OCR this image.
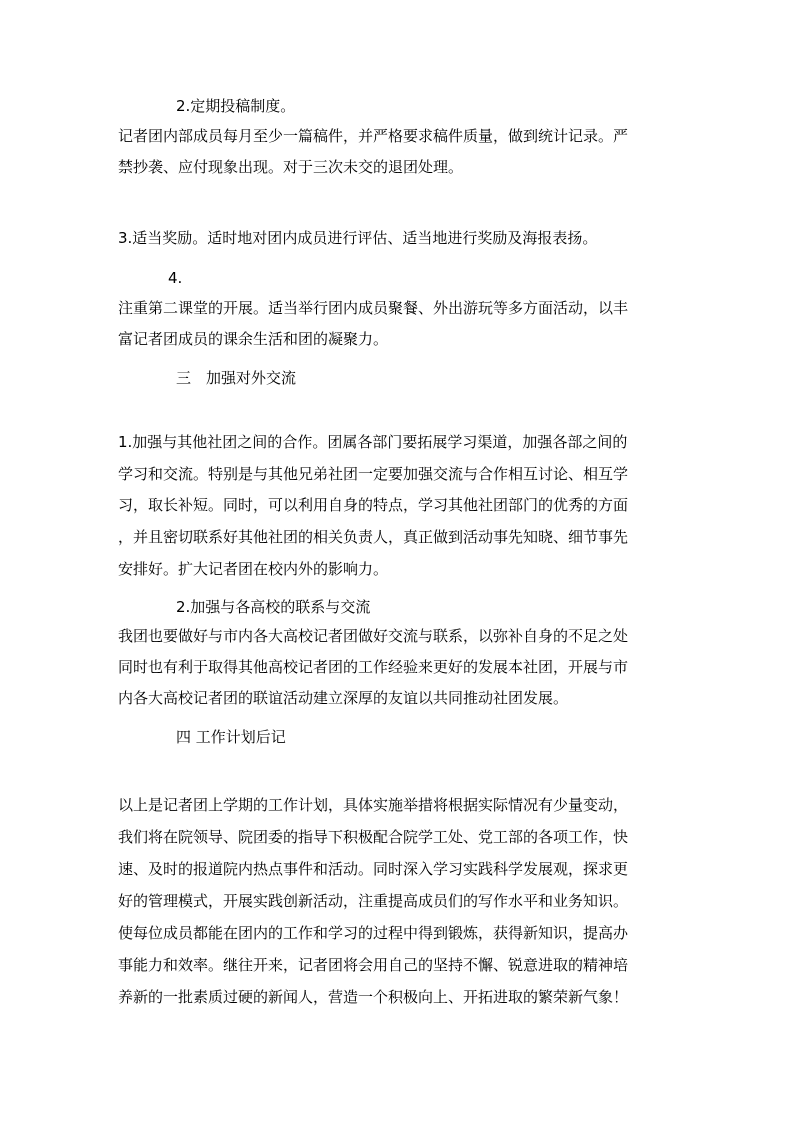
2.定期投稿制度。

记者团内部成员每月至少一篇稿件，并严格要求稿件质量，做到统计记录。严

禁抄袭、应付现象出现。对于三次未交的退团处理。

3.适当奖励。适时地对团内成员进行评估、适当地进行奖励及海报表扬。

4.

注重第二课堂的开展。适当举行团内成员聚餐、外出游玩等多方面活动，以丰

富记者团成员的课余生活和团的凝聚力。

三　加强对外交流

1.加强与其他社团之间的合作。团属各部门要拓展学习渠道，加强各部之间的

学习和交流。特别是与其他兄弟社团一定要加强交流与合作相互讨论、相互学

习，取长补短。同时，可以利用自身的特点，学习其他社团部门的优秀的方面

，并且密切联系好其他社团的相关负责人，真正做到活动事先知晓、细节事先

安排好。扩大记者团在校内外的影响力。

2.加强与各高校的联系与交流

我团也要做好与市内各大高校记者团做好交流与联系，以弥补自身的不足之处

同时也有利于取得其他高校记者团的工作经验来更好的发展本社团，开展与市

内各大高校记者团的联谊活动建立深厚的友谊以共同推动社团发展。

四 工作计划后记

以上是记者团上学期的工作计划，具体实施举措将根据实际情况有少量变动，

我们将在院领导、院团委的指导下积极配合院学工处、党工部的各项工作，快

速、及时的报道院内热点事件和活动。同时深入学习实践科学发展观，探求更

好的管理模式，开展实践创新活动，注重提高成员们的写作水平和业务知识。

使每位成员都能在团内的工作和学习的过程中得到锻炼，获得新知识，提高办

事能力和效率。继往开来，记者团将会用自己的坚持不懈、锐意进取的精神培

养新的一批素质过硬的新闻人，营造一个积极向上、开拓进取的繁荣新气象！
